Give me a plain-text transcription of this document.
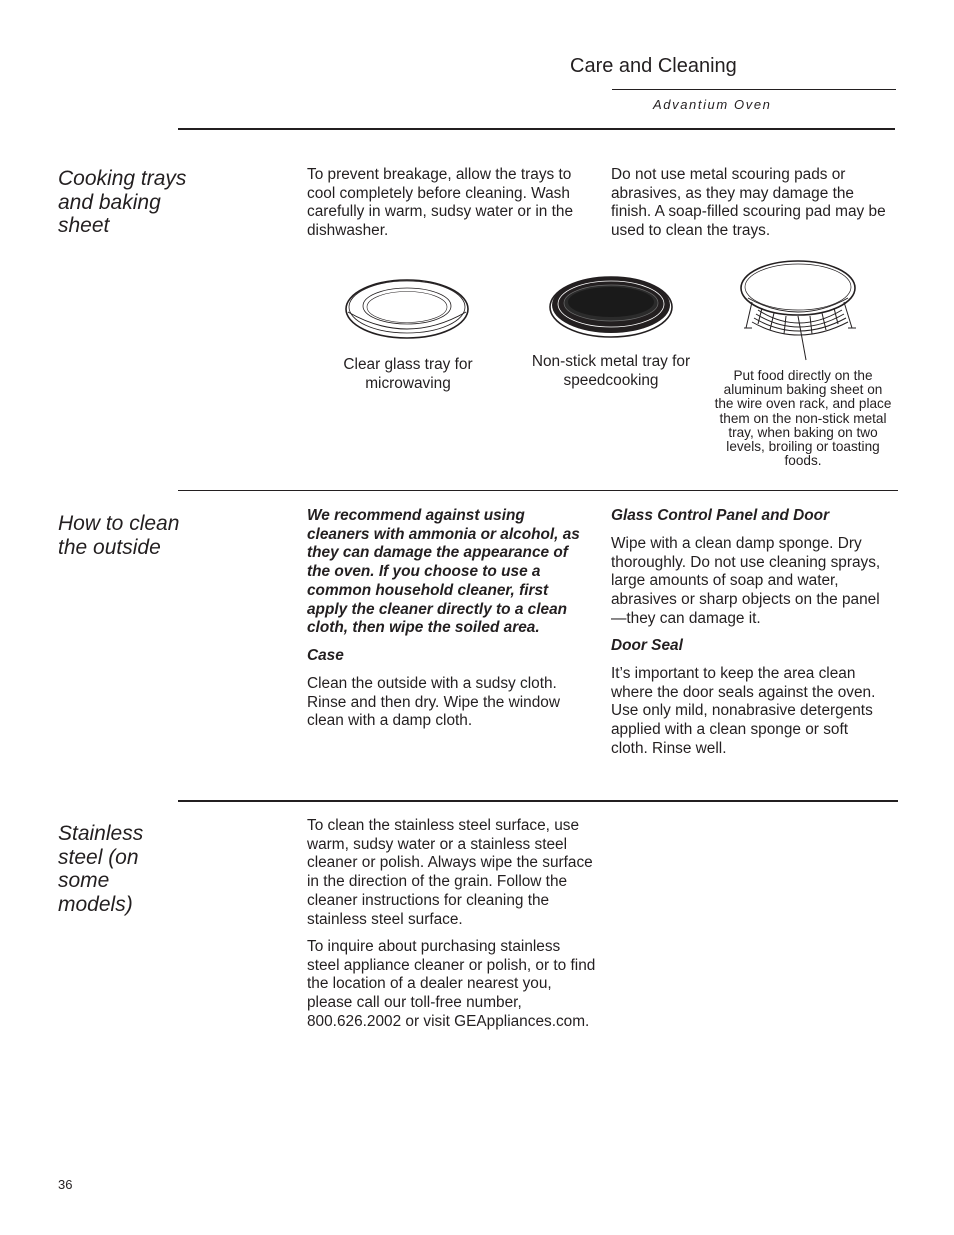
Care and Cleaning
Advantium Oven
Cooking trays
and baking
sheet

To prevent breakage, allow the trays to cool completely before cleaning. Wash carefully in warm, sudsy water or in the dishwasher.

Do not use metal scouring pads or abrasives, as they may damage the finish. A soap-filled scouring pad may be used to clean the trays.

Clear glass tray for microwaving
Non-stick metal tray for speedcooking	Put food directly on the aluminum baking sheet on the wire oven rack, and place them on the non-stick metal tray, when baking on two levels, broiling or toasting foods.
How to clean
the outside

We recommend against using cleaners with ammonia or alcohol, as they can damage the appearance of the oven. If you choose to use a common household cleaner, first apply the cleaner directly to a clean cloth, then wipe the soiled area.

Case

Clean the outside with a sudsy cloth. Rinse and then dry. Wipe the window clean with a damp cloth.

Glass Control Panel and Door

Wipe with a clean damp sponge. Dry thoroughly. Do not use cleaning sprays, large amounts of soap and water, abrasives or sharp objects on the panel—they can damage it.

Door Seal

It’s important to keep the area clean where the door seals against the oven. Use only mild, nonabrasive detergents applied with a clean sponge or soft cloth. Rinse well.

Stainless
steel (on
some
models)

To clean the stainless steel surface, use warm, sudsy water or a stainless steel cleaner or polish. Always wipe the surface in the direction of the grain. Follow the cleaner instructions for cleaning the stainless steel surface.

To inquire about purchasing stainless steel appliance cleaner or polish, or to find the location of a dealer nearest you, please call our toll-free number, 800.626.2002 or visit GEAppliances.com.

36
